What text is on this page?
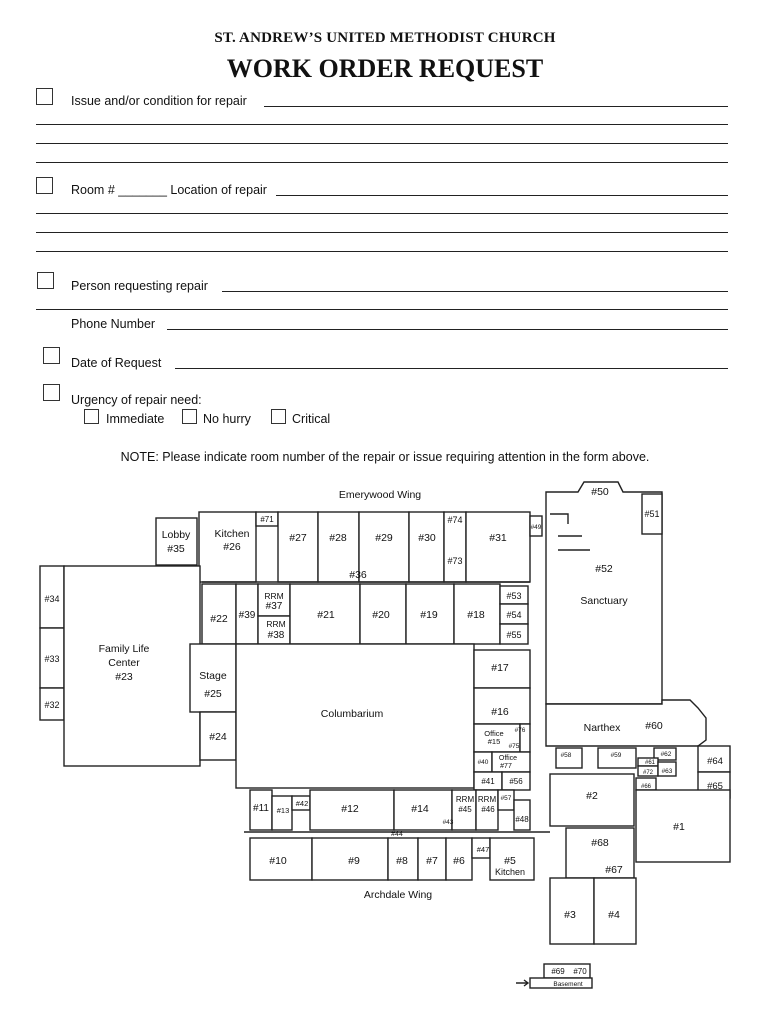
ST. ANDREW’S UNITED METHODIST CHURCH
WORK ORDER REQUEST
Issue and/or condition for repair
Room # _______ Location of repair
Person requesting repair
Phone Number
Date of Request
Urgency of repair need:
Immediate	No hurry	Critical
NOTE: Please indicate room number of the repair or issue requiring attention in the form above.
Emerywood Wing
Lobby
#35
Kitchen
#26
#71
#27 #28	#29 #30
#74
#73
#31
#49
#50
#51
#52
Sanctuary
#36
#34
#33
#32
Family Life
Center
#23
#22 #39
RRM
#37
RRM
#38
#21	#20	#19	#18
#53
#54
#55
#17
Stage
#25
#24
Columbarium	#16
Office
#15
#76
#75
Narthex #60
#40
Office
#77
#41 #56
#58	#59	#62
#61
#72 #63
#66
#64
#65
#11 #13
#42	#12	#14
#43
RRM
#45
RRM
#46
#57
#48
#2
#1
#44
#47
#68
#10	#9	#8 #7 #6	#5
Kitchen	#67
Archdale Wing
#3	#4
#69 #70
Basement
